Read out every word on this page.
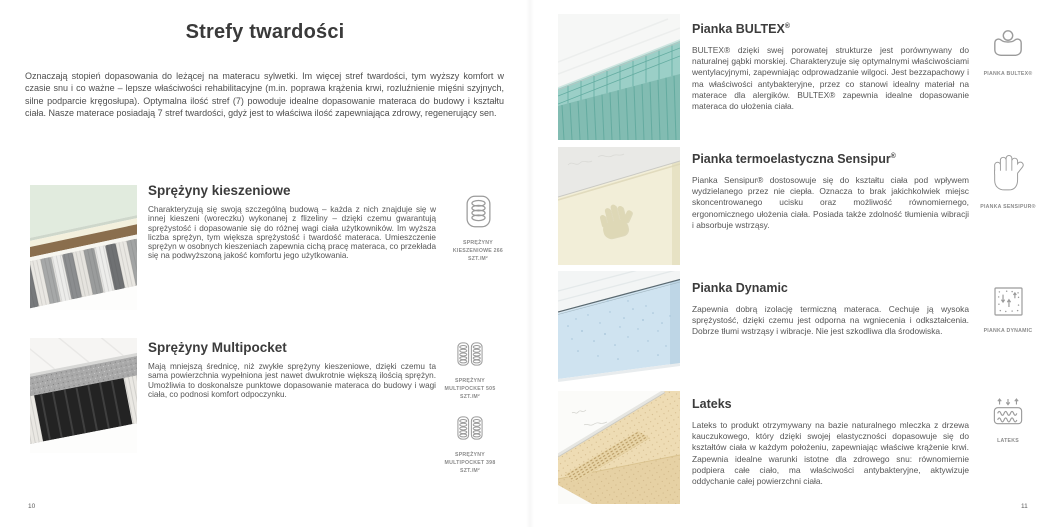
Strefy twardości

Oznaczają stopień dopasowania do leżącej na materacu sylwetki. Im więcej stref twardości, tym wyższy komfort w czasie snu i co ważne – lepsze właściwości rehabilitacyjne (m.in. poprawa krążenia krwi, rozluźnienie mięśni szyjnych, silne podparcie kręgosłupa). Optymalna ilość stref (7) powoduje idealne dopasowanie materaca do budowy i kształtu ciała. Nasze materace posiadają 7 stref twardości, gdyż jest to właściwa ilość zapewniająca zdrowy, regenerujący sen.

Sprężyny kieszeniowe

Charakteryzują się swoją szczególną budową – każda z nich znajduje się w innej kieszeni (woreczku) wykonanej z flizeliny – dzięki czemu gwarantują sprężystość i dopasowanie się do różnej wagi ciała użytkowników. Im wyższa liczba sprężyn, tym większa sprężystość i twardość materaca. Umieszczenie sprężyn w osobnych kieszeniach zapewnia cichą pracę materaca, co przekłada się na podwyższoną jakość komfortu jego użytkowania.

SPRĘŻYNY KIESZENIOWE 266 SZT./M²
Sprężyny Multipocket

Mają mniejszą średnicę, niż zwykłe sprężyny kieszeniowe, dzięki czemu ta sama powierzchnia wypełniona jest nawet dwukrotnie większą ilością sprężyn. Umożliwia to doskonalsze punktowe dopasowanie materaca do budowy i wagi ciała, co podnosi komfort odpoczynku.

SPRĘŻYNY MULTIPOCKET 505 SZT./M²
SPRĘŻYNY MULTIPOCKET 398 SZT./M²
10
Pianka BULTEX®

BULTEX® dzięki swej porowatej strukturze jest porównywany do naturalnej gąbki morskiej. Charakteryzuje się optymalnymi właściwościami wentylacyjnymi, zapewniając odprowadzanie wilgoci. Jest bezzapachowy i ma właściwości antybakteryjne, przez co stanowi idealny materiał na materace dla alergików. BULTEX® zapewnia idealne dopasowanie materaca do ułożenia ciała.

PIANKA BULTEX®
Pianka termoelastyczna Sensipur®

Pianka Sensipur® dostosowuje się do kształtu ciała pod wpływem wydzielanego przez nie ciepła. Oznacza to brak jakichkolwiek miejsc skoncentrowanego ucisku oraz możliwość równomiernego, ergonomicznego ułożenia ciała. Posiada także zdolność tłumienia wibracji i absorbuje wstrząsy.

PIANKA SENSIPUR®
Pianka Dynamic

Zapewnia dobrą izolację termiczną materaca. Cechuje ją wysoka sprężystość, dzięki czemu jest odporna na wgniecenia i odkształcenia. Dobrze tłumi wstrząsy i wibracje. Nie jest szkodliwa dla środowiska.	PIANKA DYNAMIC
Lateks

Lateks to produkt otrzymywany na bazie naturalnego mleczka z drzewa kauczukowego, który dzięki swojej elastyczności dopasowuje się do kształtów ciała w każdym położeniu, zapewniając właściwe krążenie krwi. Zapewnia idealne warunki istotne dla zdrowego snu: równomiernie podpiera całe ciało, ma właściwości antybakteryjne, aktywizuje oddychanie całej powierzchni ciała.

LATEKS
11
